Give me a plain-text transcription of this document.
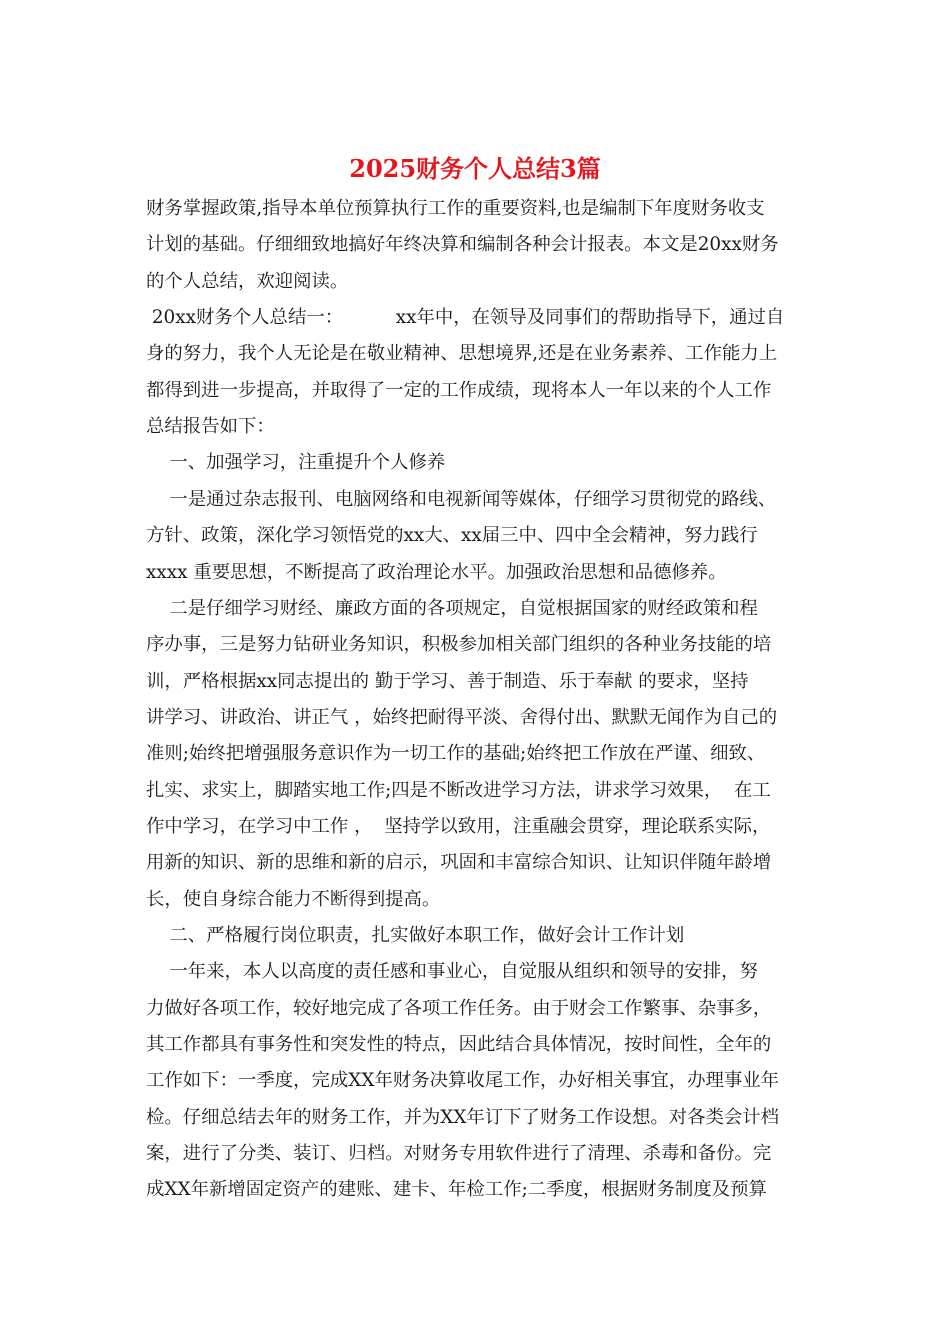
2025财务个人总结3篇
财务掌握政策,指导本单位预算执行工作的重要资料,也是编制下年度财务收支
计划的基础。仔细细致地搞好年终决算和编制各种会计报表。本文是20xx财务
的个人总结，欢迎阅读。
20xx财务个人总结一：         xx年中，在领导及同事们的帮助指导下，通过自
身的努力，我个人无论是在敬业精神、思想境界,还是在业务素养、工作能力上
都得到进一步提高，并取得了一定的工作成绩，现将本人一年以来的个人工作
总结报告如下：
一、加强学习，注重提升个人修养
一是通过杂志报刊、电脑网络和电视新闻等媒体，仔细学习贯彻党的路线、
方针、政策，深化学习领悟党的xx大、xx届三中、四中全会精神，努力践行
xxxx 重要思想，不断提高了政治理论水平。加强政治思想和品德修养。
二是仔细学习财经、廉政方面的各项规定，自觉根据国家的财经政策和程
序办事，三是努力钻研业务知识，积极参加相关部门组织的各种业务技能的培
训，严格根据xx同志提出的 勤于学习、善于制造、乐于奉献 的要求，坚持
讲学习、讲政治、讲正气 ，始终把耐得平淡、舍得付出、默默无闻作为自己的
准则;始终把增强服务意识作为一切工作的基础;始终把工作放在严谨、细致、
扎实、求实上，脚踏实地工作;四是不断改进学习方法，讲求学习效果，  在工
作中学习，在学习中工作 ，  坚持学以致用，注重融会贯穿，理论联系实际，
用新的知识、新的思维和新的启示，巩固和丰富综合知识、让知识伴随年龄增
长，使自身综合能力不断得到提高。
二、严格履行岗位职责，扎实做好本职工作，做好会计工作计划
一年来，本人以高度的责任感和事业心，自觉服从组织和领导的安排，努
力做好各项工作，较好地完成了各项工作任务。由于财会工作繁事、杂事多，
其工作都具有事务性和突发性的特点，因此结合具体情况，按时间性，全年的
工作如下：一季度，完成XX年财务决算收尾工作，办好相关事宜，办理事业年
检。仔细总结去年的财务工作，并为XX年订下了财务工作设想。对各类会计档
案，进行了分类、装订、归档。对财务专用软件进行了清理、杀毒和备份。完
成XX年新增固定资产的建账、建卡、年检工作;二季度，根据财务制度及预算
